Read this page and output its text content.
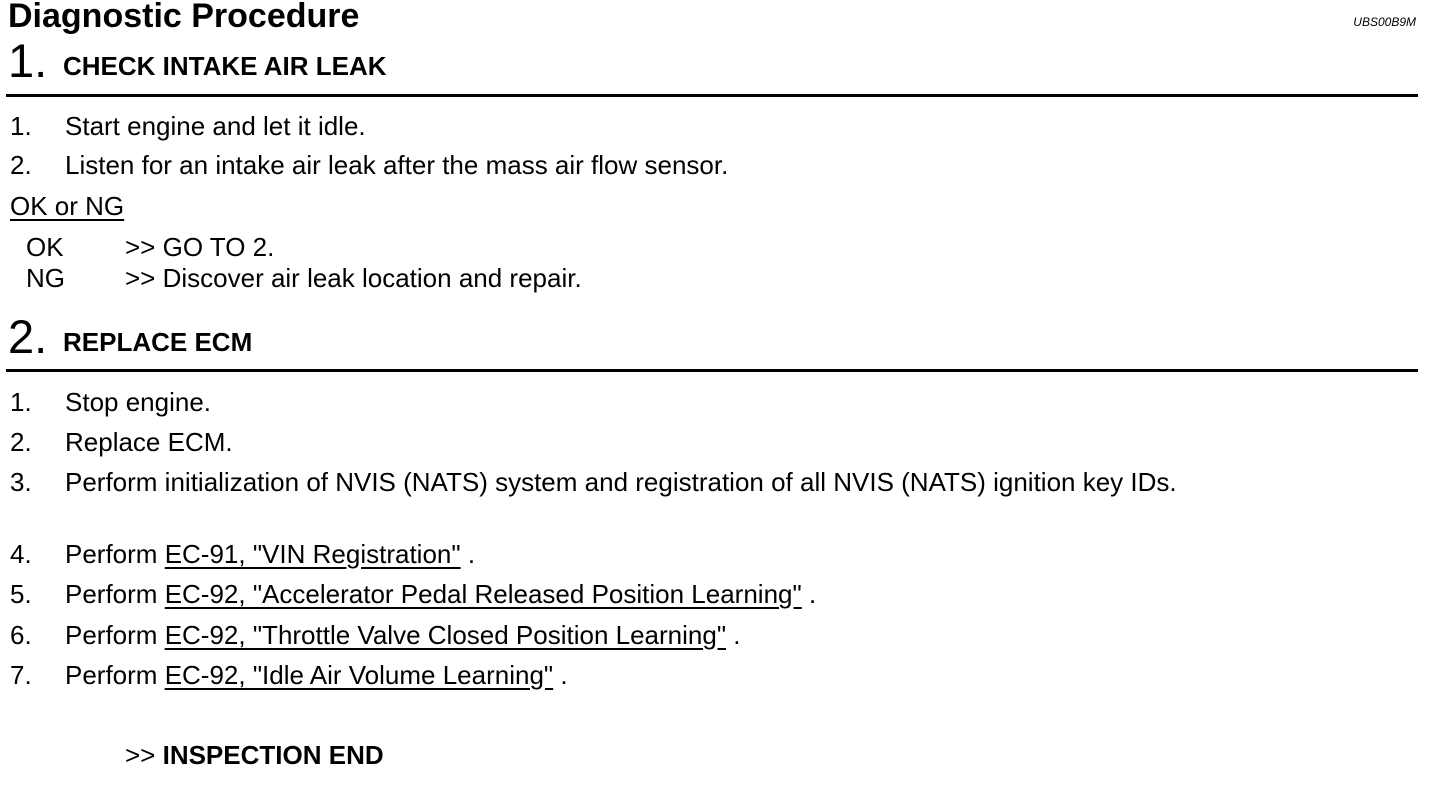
Diagnostic Procedure	UBS00B9M
1. CHECK INTAKE AIR LEAK
1. Start engine and let it idle.
2. Listen for an intake air leak after the mass air flow sensor.
OK or NG
OK >> GO TO 2.
NG >> Discover air leak location and repair.
2. REPLACE ECM
1. Stop engine.
2. Replace ECM.
3. Perform initialization of NVIS (NATS) system and registration of all NVIS (NATS) ignition key IDs.
4. Perform EC-91, "VIN Registration" .
5. Perform EC-92, "Accelerator Pedal Released Position Learning" .
6. Perform EC-92, "Throttle Valve Closed Position Learning" .
7. Perform EC-92, "Idle Air Volume Learning" .
>> INSPECTION END
